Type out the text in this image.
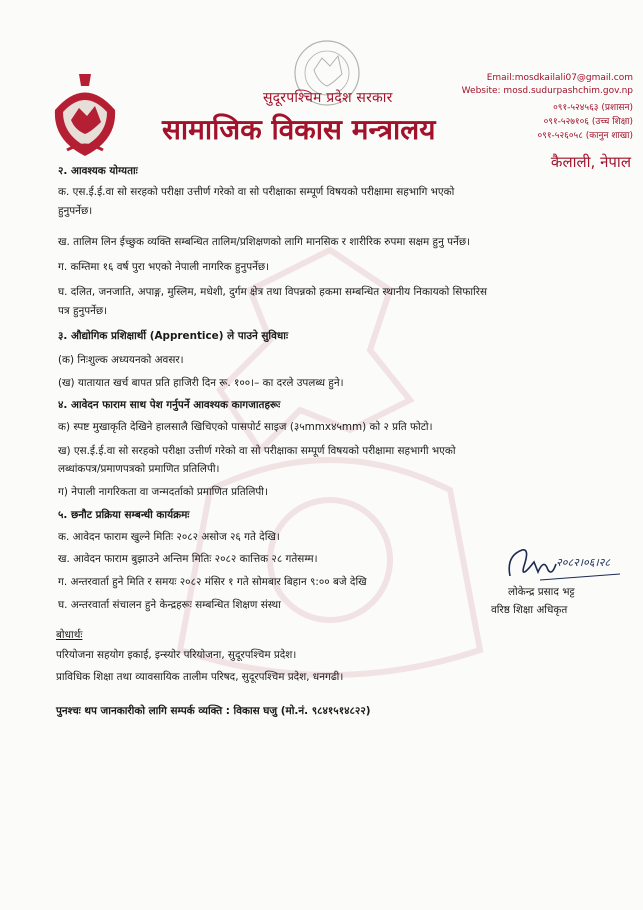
सुदूरपश्चिम प्रदेश सरकार
सामाजिक विकास मन्त्रालय
Email:mosdkailali07@gmail.com
Website: mosd.sudurpashchim.gov.np
०९१-५२४५६३ (प्रशासन)
०९१-५२७१०६ (उच्च शिक्षा)
०९१-५२६०५८ (कानुन शाखा)
कैलाली, नेपाल
२. आवश्यक योग्यताः
क. एस.ई.ई.वा सो सरहको परीक्षा उत्तीर्ण गरेको वा सो परीक्षाका सम्पूर्ण विषयको परीक्षामा सहभागि भएको
हुनुपर्नेछ।
ख. तालिम लिन ईच्छुक व्यक्ति सम्बन्धित तालिम/प्रशिक्षणको लागि मानसिक र शारीरिक रुपमा सक्षम हुनु पर्नेछ।
ग. कम्तिमा १६ वर्ष पुरा भएको नेपाली नागरिक हुनुपर्नेछ।
घ. दलित, जनजाति, अपाङ्ग, मुस्लिम, मधेशी, दुर्गम क्षेत्र तथा विपन्नको हकमा सम्बन्धित स्थानीय निकायको सिफारिस
पत्र हुनुपर्नेछ।
३. औद्योगिक प्रशिक्षार्थी (Apprentice) ले पाउने सुविधाः
(क) निःशुल्क अध्ययनको अवसर।
(ख) यातायात खर्च बापत प्रति हाजिरी दिन रू. १००।– का दरले उपलब्ध हुने।
४. आवेदन फाराम साथ पेश गर्नुपर्ने आवश्यक कागजातहरूः
क) स्पष्ट मुखाकृति देखिने हालसालै खिचिएको पासपोर्ट साइज (३५mmx४५mm) को २ प्रति फोटो।
ख) एस.ई.ई.वा सो सरहको परीक्षा उत्तीर्ण गरेको वा सो परीक्षाका सम्पूर्ण विषयको परीक्षामा सहभागी भएको
लब्धांकपत्र/प्रमाणपत्रको प्रमाणित प्रतिलिपी।
ग) नेपाली नागरिकता वा जन्मदर्ताको प्रमाणित प्रतिलिपी।
५. छनौट प्रक्रिया सम्बन्धी कार्यक्रमः
क. आवेदन फाराम खुल्ने मितिः २०८२ असोज २६ गते देखि।
ख. आवेदन फाराम बुझाउने अन्तिम मितिः २०८२ कात्तिक २८ गतेसम्म।
ग. अन्तरवार्ता हुने मिति र समयः २०८२ मंसिर १ गते सोमबार बिहान ९:०० बजे देखि
घ. अन्तरवार्ता संचालन हुने केन्द्रहरूः सम्बन्धित शिक्षण संस्था
२०८२।०६।२८
लोकेन्द्र प्रसाद भट्ट
वरिष्ठ शिक्षा अधिकृत
बोधार्थः
परियोजना सहयोग इकाई, इन्स्योर परियोजना, सुदूरपश्चिम प्रदेश।
प्राविधिक शिक्षा तथा व्यावसायिक तालीम परिषद, सुदूरपश्चिम प्रदेश, धनगढी।
पुनश्चः थप जानकारीको लागि सम्पर्क व्यक्ति : विकास घजु (मो.नं. ९८४१५१४८२२)
